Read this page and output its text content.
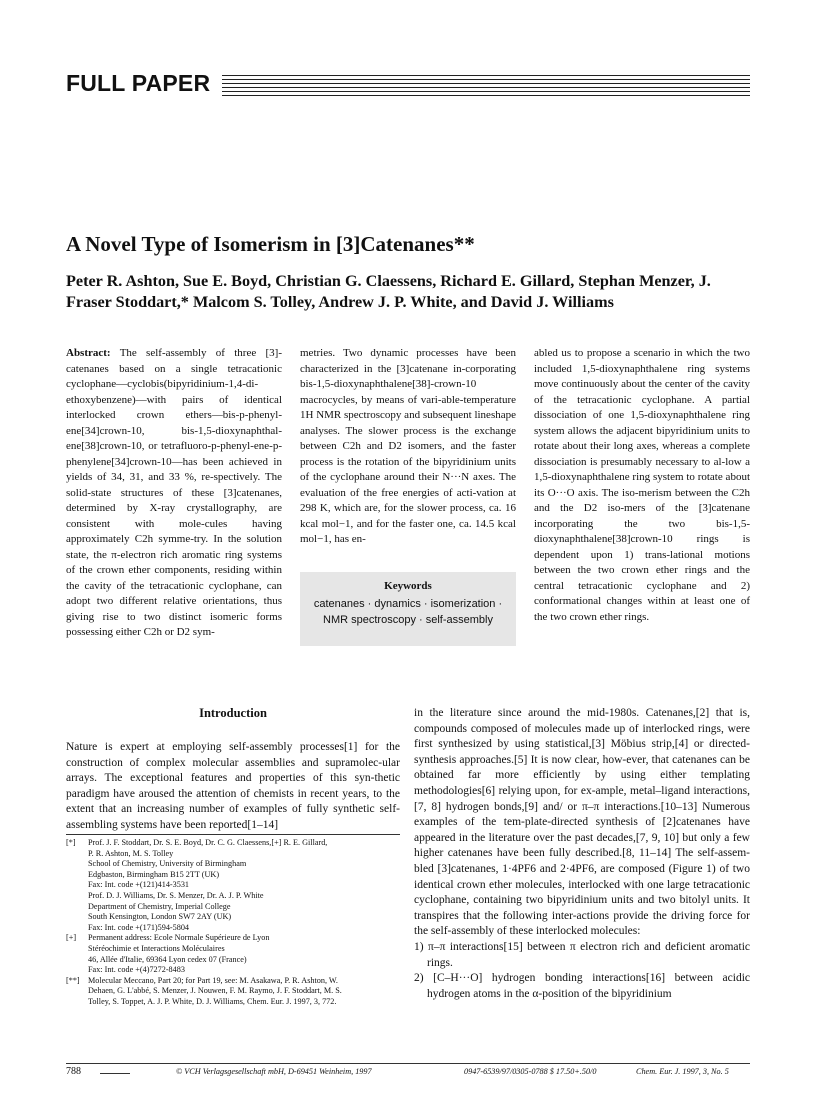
FULL PAPER
A Novel Type of Isomerism in [3]Catenanes**
Peter R. Ashton, Sue E. Boyd, Christian G. Claessens, Richard E. Gillard, Stephan Menzer, J. Fraser Stoddart,* Malcom S. Tolley, Andrew J. P. White, and David J. Williams

Abstract: The self-assembly of three [3]-catenanes based on a single tetracationic cyclophane—cyclobis(bipyridinium-1,4-di-ethoxybenzene)—with pairs of identical interlocked crown ethers—bis-p-phenyl-ene[34]crown-10, bis-1,5-dioxynaphthal-ene[38]crown-10, or tetrafluoro-p-phenyl-ene-p-phenylene[34]crown-10—has been achieved in yields of 34, 31, and 33 %, re-spectively. The solid-state structures of these [3]catenanes, determined by X-ray crystallography, are consistent with mole-cules having approximately C2h symme-try. In the solution state, the π-electron rich aromatic ring systems of the crown ether components, residing within the cavity of the tetracationic cyclophane, can adopt two different relative orientations, thus giving rise to two distinct isomeric forms possessing either C2h or D2 sym-

metries. Two dynamic processes have been characterized in the [3]catenane in-corporating bis-1,5-dioxynaphthalene[38]-crown-10 macrocycles, by means of vari-able-temperature 1H NMR spectroscopy and subsequent lineshape analyses. The slower process is the exchange between C2h and D2 isomers, and the faster process is the rotation of the bipyridinium units of the cyclophane around their N···N axes. The evaluation of the free energies of acti-vation at 298 K, which are, for the slower process, ca. 16 kcal mol−1, and for the faster one, ca. 14.5 kcal mol−1, has en-

abled us to propose a scenario in which the two included 1,5-dioxynaphthalene ring systems move continuously about the center of the cavity of the tetracationic cyclophane. A partial dissociation of one 1,5-dioxynaphthalene ring system allows the adjacent bipyridinium units to rotate about their long axes, whereas a complete dissociation is presumably necessary to al-low a 1,5-dioxynaphthalene ring system to rotate about its O···O axis. The iso-merism between the C2h and the D2 iso-mers of the [3]catenane incorporating the two bis-1,5-dioxynaphthalene[38]crown-10 rings is dependent upon 1) trans-lational motions between the two crown ether rings and the central tetracationic cyclophane and 2) conformational changes within at least one of the two crown ether rings.

Keywords
catenanes · dynamics · isomerization ·
NMR spectroscopy · self-assembly
Introduction
Nature is expert at employing self-assembly processes[1] for the construction of complex molecular assemblies and supramolec-ular arrays. The exceptional features and properties of this syn-thetic paradigm have aroused the attention of chemists in recent years, to the extent that an increasing number of examples of fully synthetic self-assembling systems have been reported[1–14]
[*]	Prof. J. F. Stoddart, Dr. S. E. Boyd, Dr. C. G. Claessens,[+] R. E. Gillard,
P. R. Ashton, M. S. Tolley
School of Chemistry, University of Birmingham
Edgbaston, Birmingham B15 2TT (UK)
Fax: Int. code +(121)414-3531
Prof. D. J. Williams, Dr. S. Menzer, Dr. A. J. P. White
Department of Chemistry, Imperial College
South Kensington, London SW7 2AY (UK)
Fax: Int. code +(171)594-5804
[+]	Permanent address: Ecole Normale Supérieure de Lyon
Stéréochimie et Interactions Moléculaires
46, Allée d'Italie, 69364 Lyon cedex 07 (France)
Fax: Int. code +(4)7272-8483
[**]	Molecular Meccano, Part 20; for Part 19, see: M. Asakawa, P. R. Ashton, W.
Dehaen, G. L'abbé, S. Menzer, J. Nouwen, F. M. Raymo, J. F. Stoddart, M. S.
Tolley, S. Toppet, A. J. P. White, D. J. Williams, Chem. Eur. J. 1997, 3, 772.

in the literature since around the mid-1980s. Catenanes,[2] that is, compounds composed of molecules made up of interlocked rings, were first synthesized by using statistical,[3] Möbius strip,[4] or directed-synthesis approaches.[5] It is now clear, how-ever, that catenanes can be obtained far more efficiently by using either templating methodologies[6] relying upon, for ex-ample, metal–ligand interactions,[7, 8] hydrogen bonds,[9] and/ or π–π interactions.[10–13] Numerous examples of the tem-plate-directed synthesis of [2]catenanes have appeared in the literature over the past decades,[7, 9, 10] but only a few higher catenanes have been fully described.[8, 11–14] The self-assem-bled [3]catenanes, 1·4PF6 and 2·4PF6, are composed (Figure 1) of two identical crown ether molecules, interlocked with one large tetracationic cyclophane, containing two bipyridinium units and two bitolyl units. It transpires that the following inter-actions provide the driving force for the self-assembly of these interlocked molecules:

1) π–π interactions[15] between π electron rich and deficient aromatic rings.

2) [C–H···O] hydrogen bonding interactions[16] between acidic hydrogen atoms in the α-position of the bipyridinium

788	© VCH Verlagsgesellschaft mbH, D-69451 Weinheim, 1997	0947-6539/97/0305-0788 $ 17.50+.50/0	Chem. Eur. J. 1997, 3, No. 5
